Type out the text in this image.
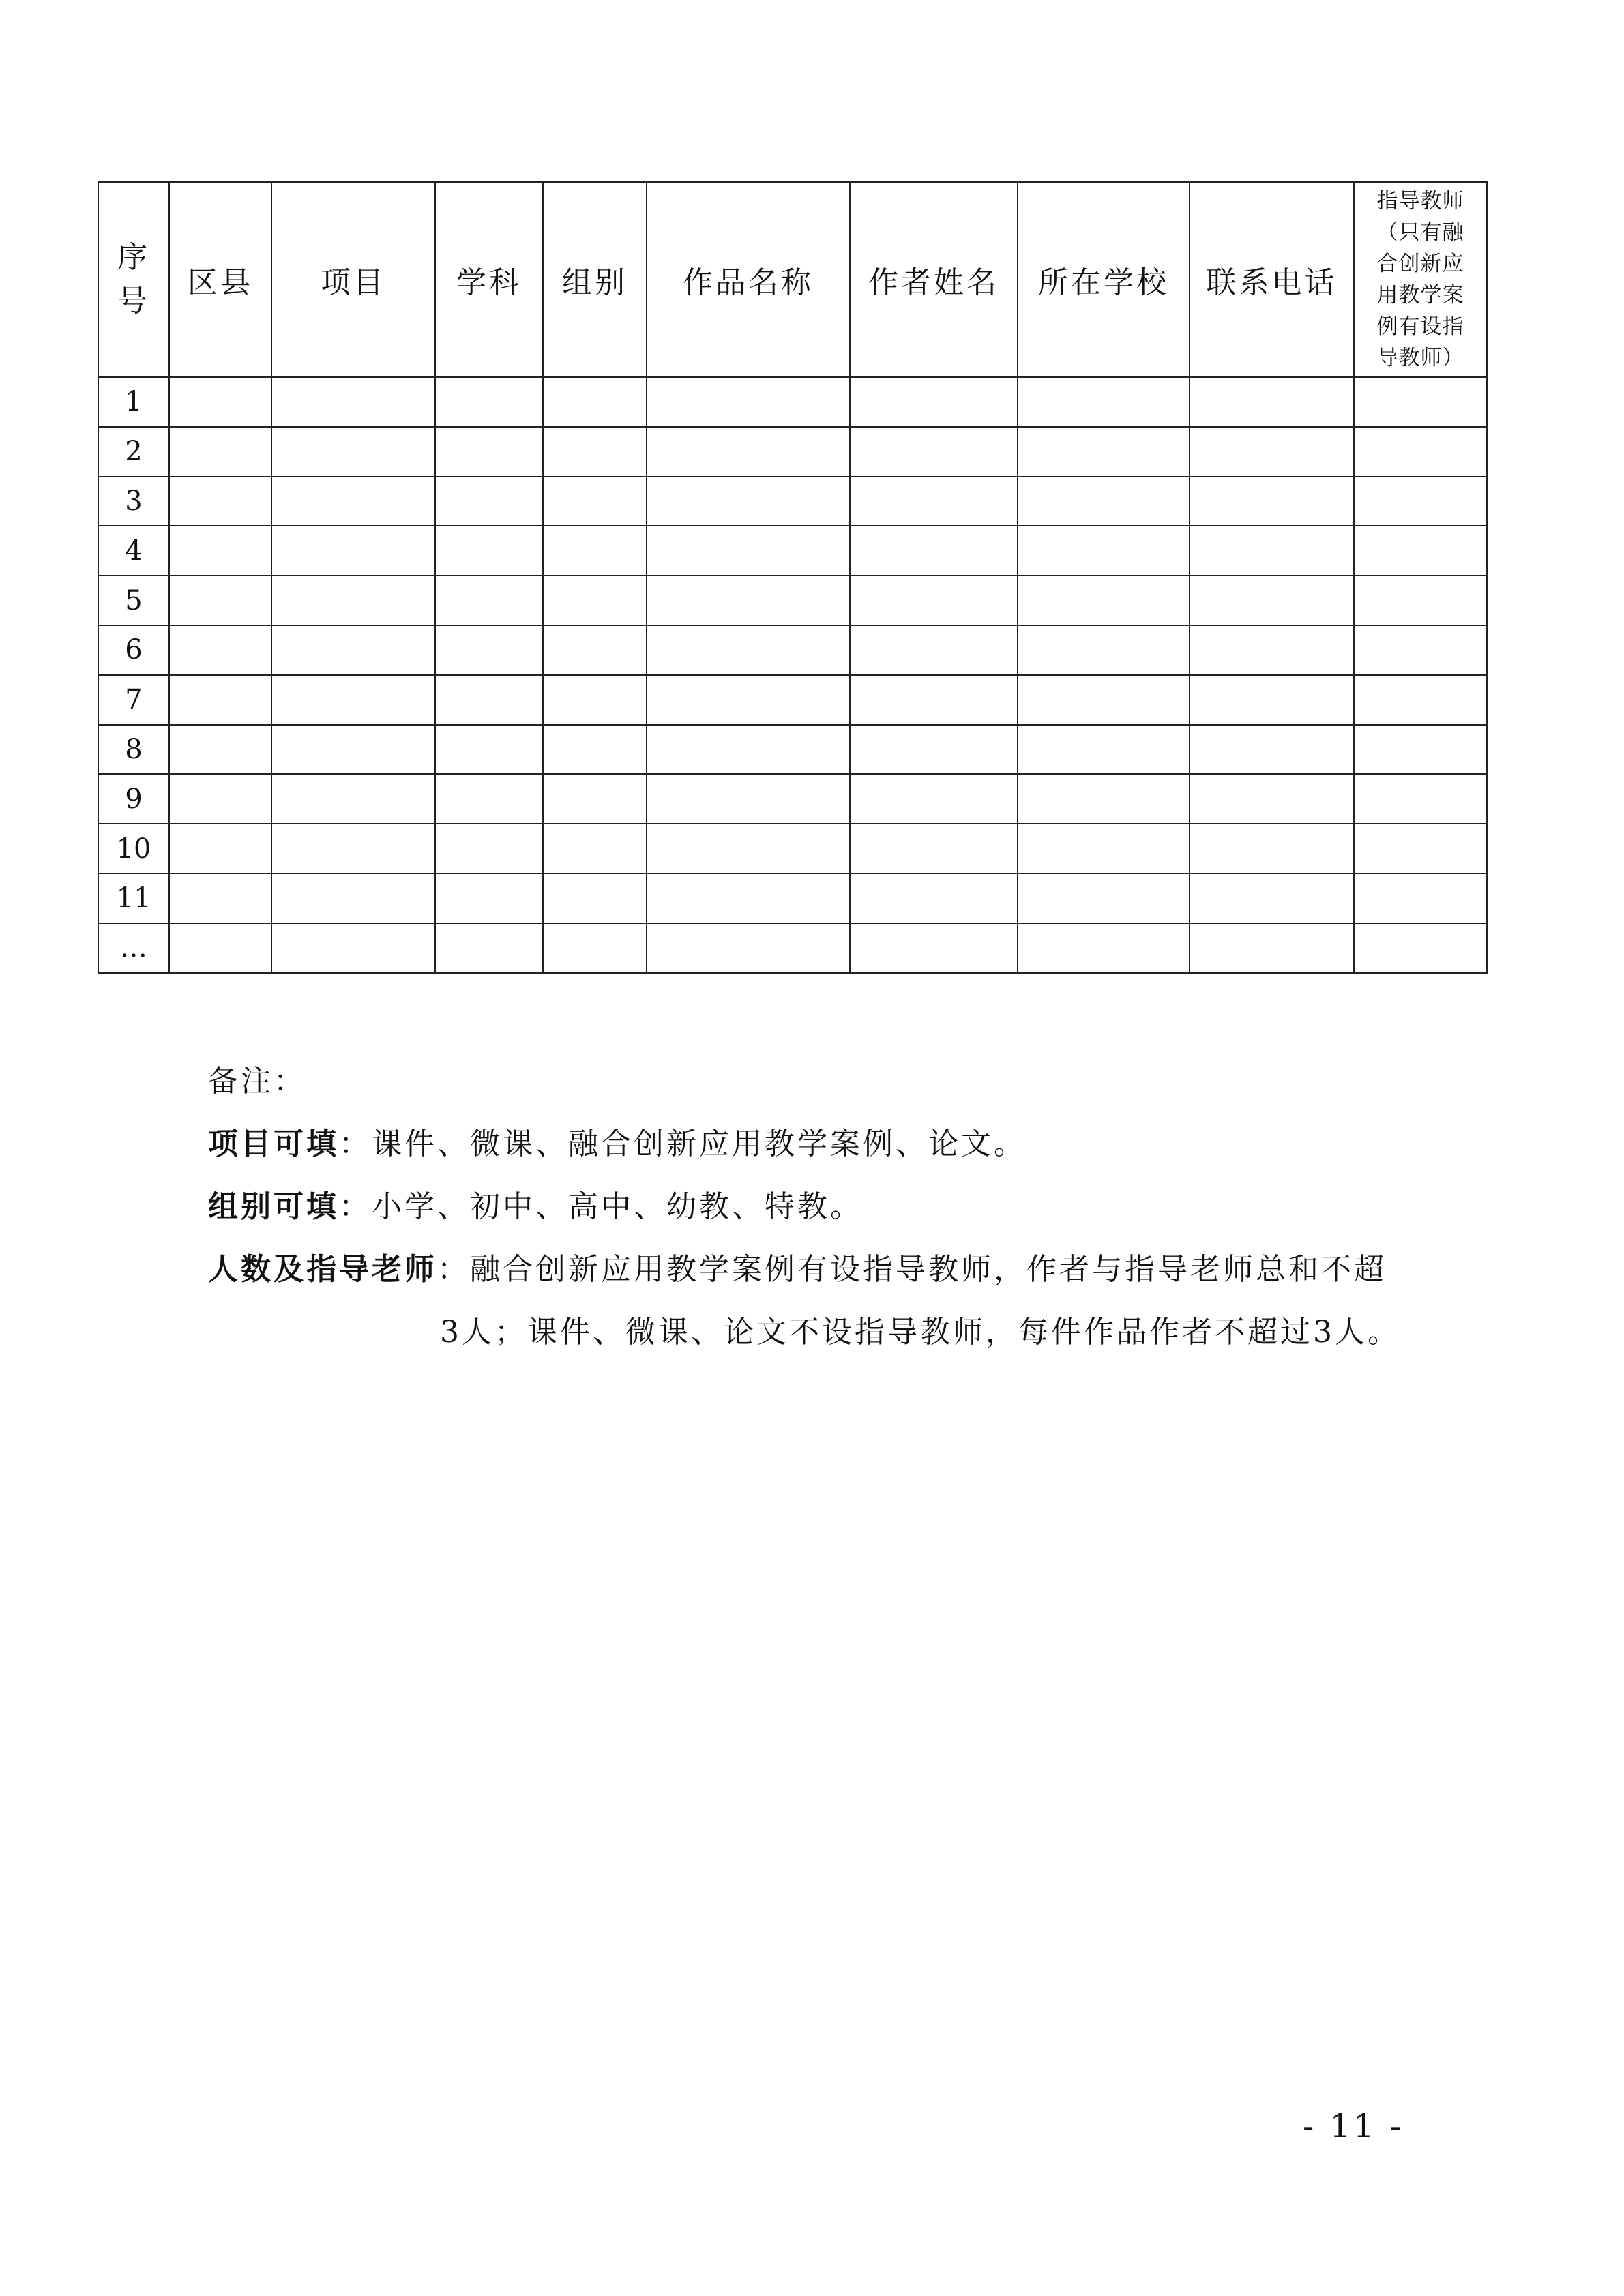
序号	区县	项目	学科	组别	作品名称	作者姓名	所在学校	联系电话	指导教师（只有融合创新应用教学案例有设指导教师）

1									
2									
3									
4									
5									
6									
7									
8									
9									
10									
11									
…									
备注：
项目可填：课件、微课、融合创新应用教学案例、论文。
组别可填：小学、初中、高中、幼教、特教。
人数及指导老师：融合创新应用教学案例有设指导教师，作者与指导老师总和不超
3人；课件、微课、论文不设指导教师，每件作品作者不超过3人。
- 11 -
